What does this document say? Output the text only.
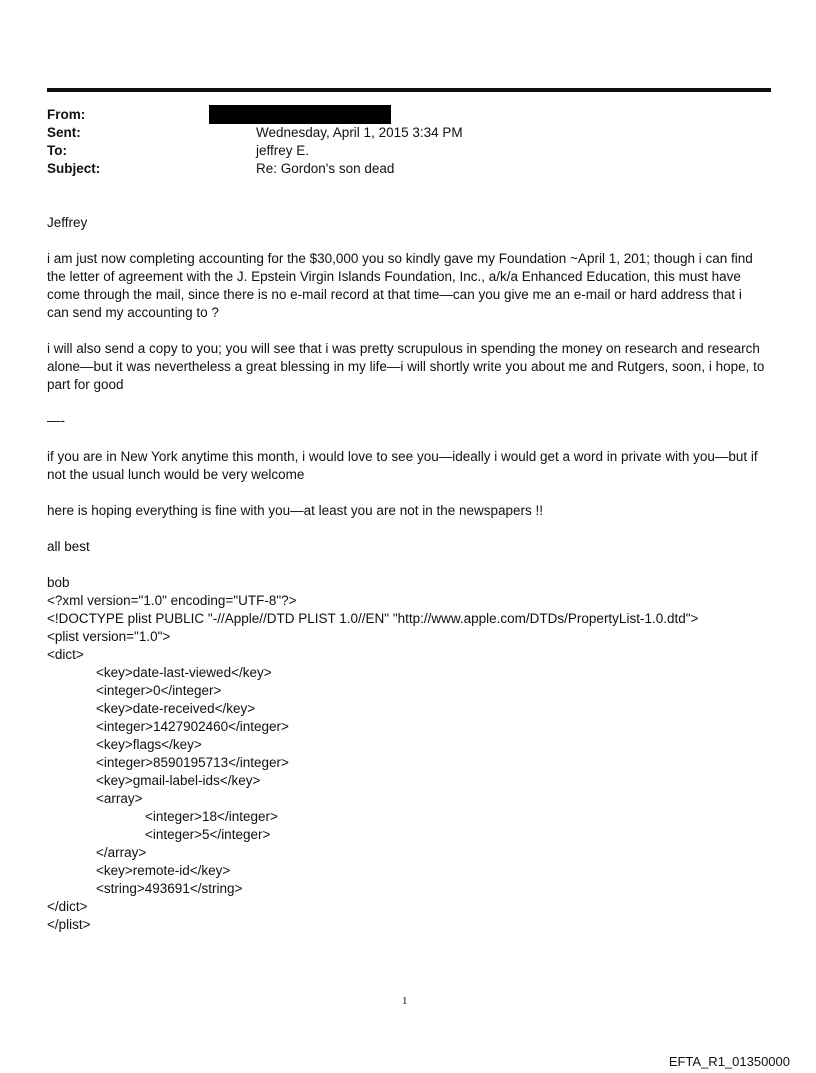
From:
Sent:	Wednesday, April 1, 2015 3:34 PM
To:	jeffrey E.
Subject:	Re: Gordon's son dead

Jeffrey

i am just now completing accounting for the $30,000 you so kindly gave my Foundation ~April 1, 201; though i can find the letter of agreement with the J. Epstein Virgin Islands Foundation, Inc., a/k/a Enhanced Education, this must have come through the mail, since there is no e-mail record at that time—can you give me an e-mail or hard address that i can send my accounting to ?

i will also send a copy to you; you will see that i was pretty scrupulous in spending the money on research and research alone—but it was nevertheless a great blessing in my life—i will shortly write you about me and Rutgers, soon, i hope, to part for good

—-

if you are in New York anytime this month, i would love to see you—ideally i would get a word in private with you—but if not the usual lunch would be very welcome

here is hoping everything is fine with you—at least you are not in the newspapers !!

all best

bob

<?xml version="1.0" encoding="UTF-8"?>
<!DOCTYPE plist PUBLIC "-//Apple//DTD PLIST 1.0//EN" "http://www.apple.com/DTDs/PropertyList-1.0.dtd">
<plist version="1.0">
<dict>
<key>date-last-viewed</key>
<integer>0</integer>
<key>date-received</key>
<integer>1427902460</integer>
<key>flags</key>
<integer>8590195713</integer>
<key>gmail-label-ids</key>
<array>
<integer>18</integer>
<integer>5</integer>
</array>
<key>remote-id</key>
<string>493691</string>
</dict>
</plist>
1
EFTA_R1_01350000
